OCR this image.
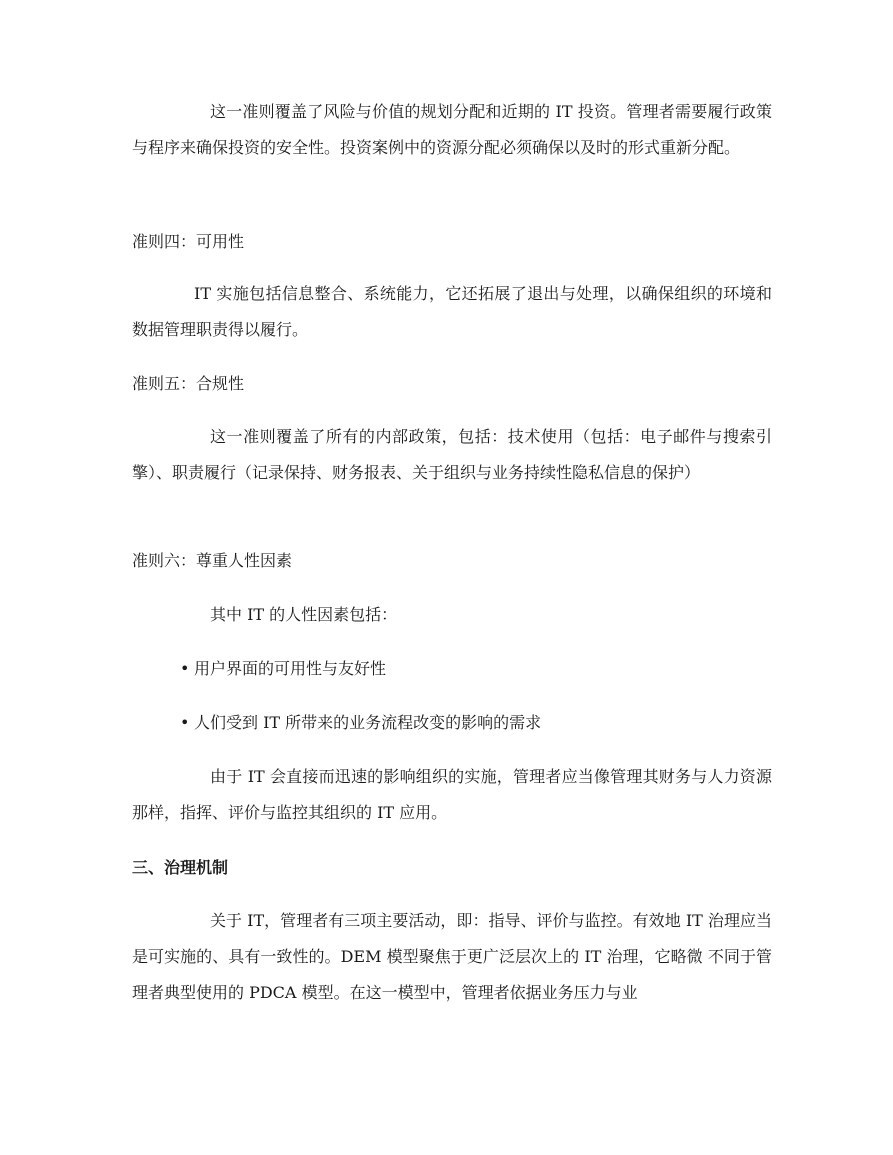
这一准则覆盖了风险与价值的规划分配和近期的 IT 投资。管理者需要履行政策与程序来确保投资的安全性。投资案例中的资源分配必须确保以及时的形式重新分配。

准则四：可用性

IT 实施包括信息整合、系统能力，它还拓展了退出与处理，以确保组织的环境和数据管理职责得以履行。

准则五：合规性

这一准则覆盖了所有的内部政策，包括：技术使用（包括：电子邮件与搜索引擎）、职责履行（记录保持、财务报表、关于组织与业务持续性隐私信息的保护）

准则六：尊重人性因素

其中 IT 的人性因素包括：

• 用户界面的可用性与友好性

• 人们受到 IT 所带来的业务流程改变的影响的需求

由于 IT 会直接而迅速的影响组织的实施，管理者应当像管理其财务与人力资源那样，指挥、评价与监控其组织的 IT 应用。

三、治理机制

关于 IT，管理者有三项主要活动，即：指导、评价与监控。有效地 IT 治理应当是可实施的、具有一致性的。DEM 模型聚焦于更广泛层次上的 IT 治理，它略微 不同于管理者典型使用的 PDCA 模型。在这一模型中，管理者依据业务压力与业
